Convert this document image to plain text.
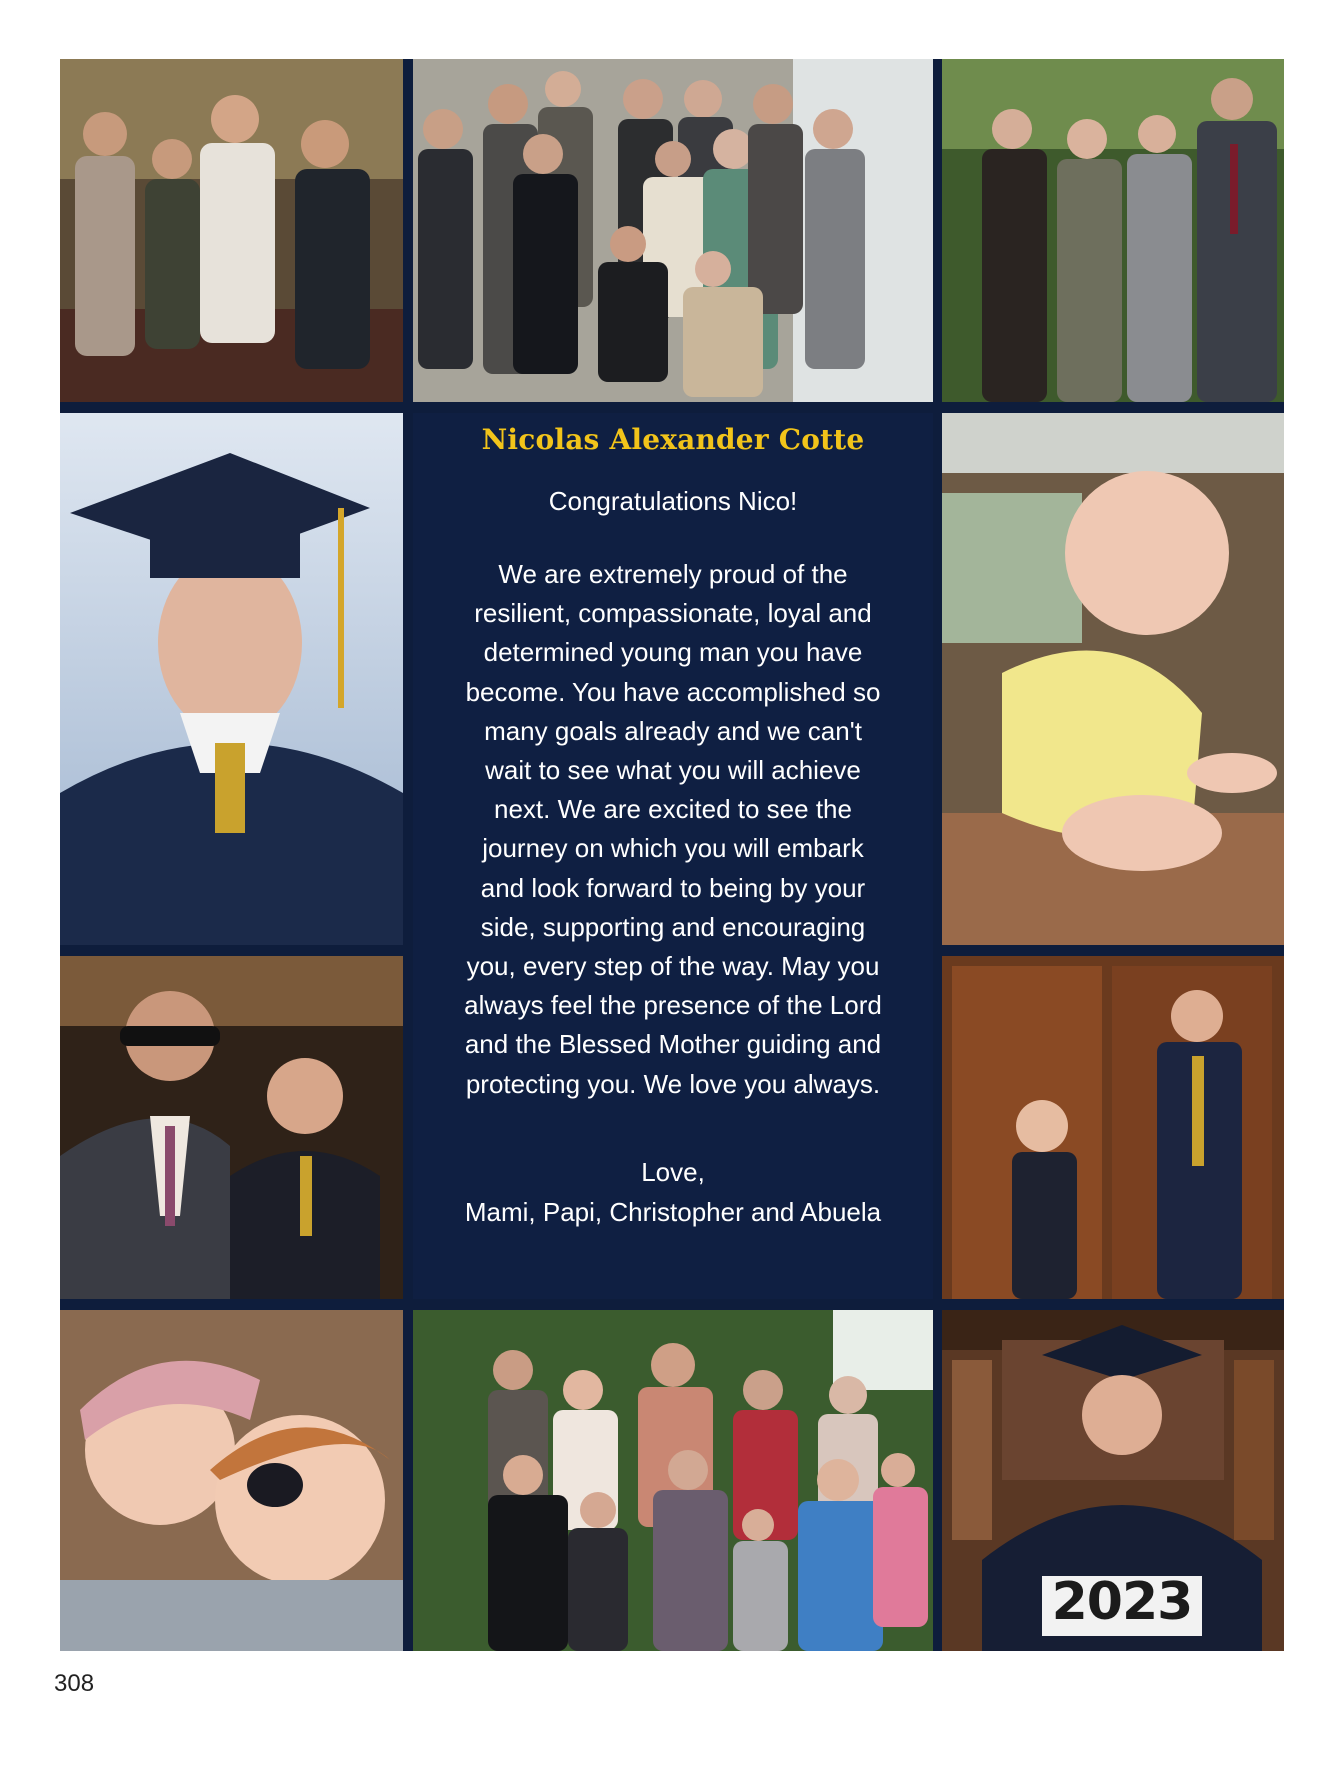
Nicolas Alexander Cotte
Congratulations Nico!
We are extremely proud of the
resilient, compassionate, loyal and
determined young man you have
become. You have accomplished so
many goals already and we can't
wait to see what you will achieve
next. We are excited to see the
journey on which you will embark
and look forward to being by your
side, supporting and encouraging
you, every step of the way. May you
always feel the presence of the Lord
and the Blessed Mother guiding and
protecting you. We love you always.
Love,
Mami, Papi, Christopher and Abuela
2023
308
